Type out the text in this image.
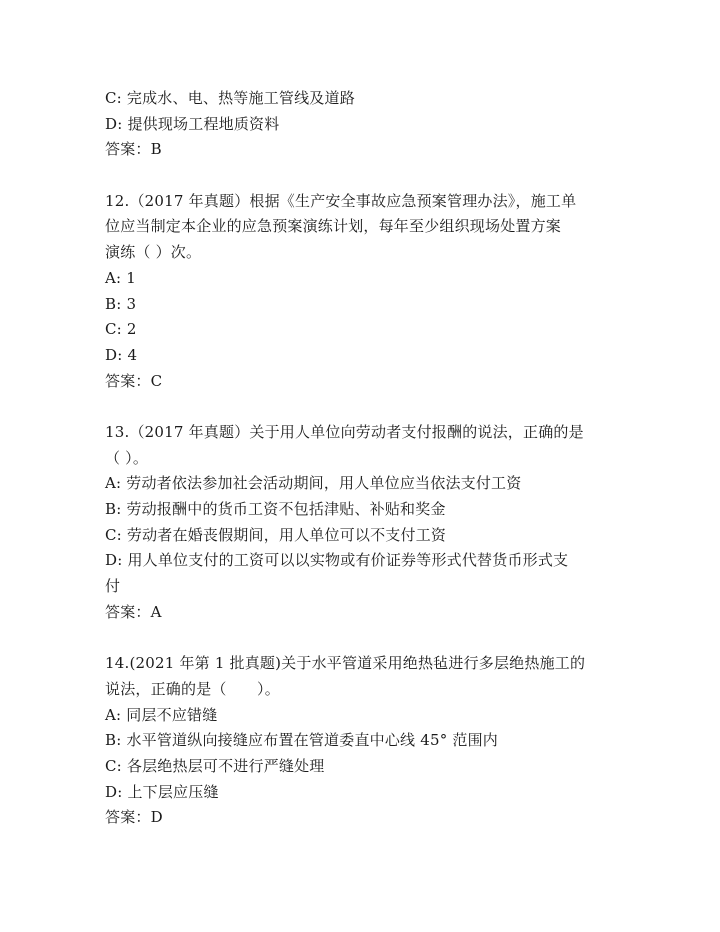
C: 完成水、电、热等施工管线及道路
D: 提供现场工程地质资料
答案：B
12.（2017 年真题）根据《生产安全事故应急预案管理办法》，施工单
位应当制定本企业的应急预案演练计划，每年至少组织现场处置方案
演练（ ）次。
A: 1
B: 3
C: 2
D: 4
答案：C
13.（2017 年真题）关于用人单位向劳动者支付报酬的说法，正确的是
（ ）。
A: 劳动者依法参加社会活动期间，用人单位应当依法支付工资
B: 劳动报酬中的货币工资不包括津贴、补贴和奖金
C: 劳动者在婚丧假期间，用人单位可以不支付工资
D: 用人单位支付的工资可以以实物或有价证券等形式代替货币形式支
付
答案：A
14.(2021 年第 1 批真题)关于水平管道采用绝热毡进行多层绝热施工的
说法，正确的是（　　）。
A: 同层不应错缝
B: 水平管道纵向接缝应布置在管道委直中心线 45° 范围内
C: 各层绝热层可不进行严缝处理
D: 上下层应压缝
答案：D
